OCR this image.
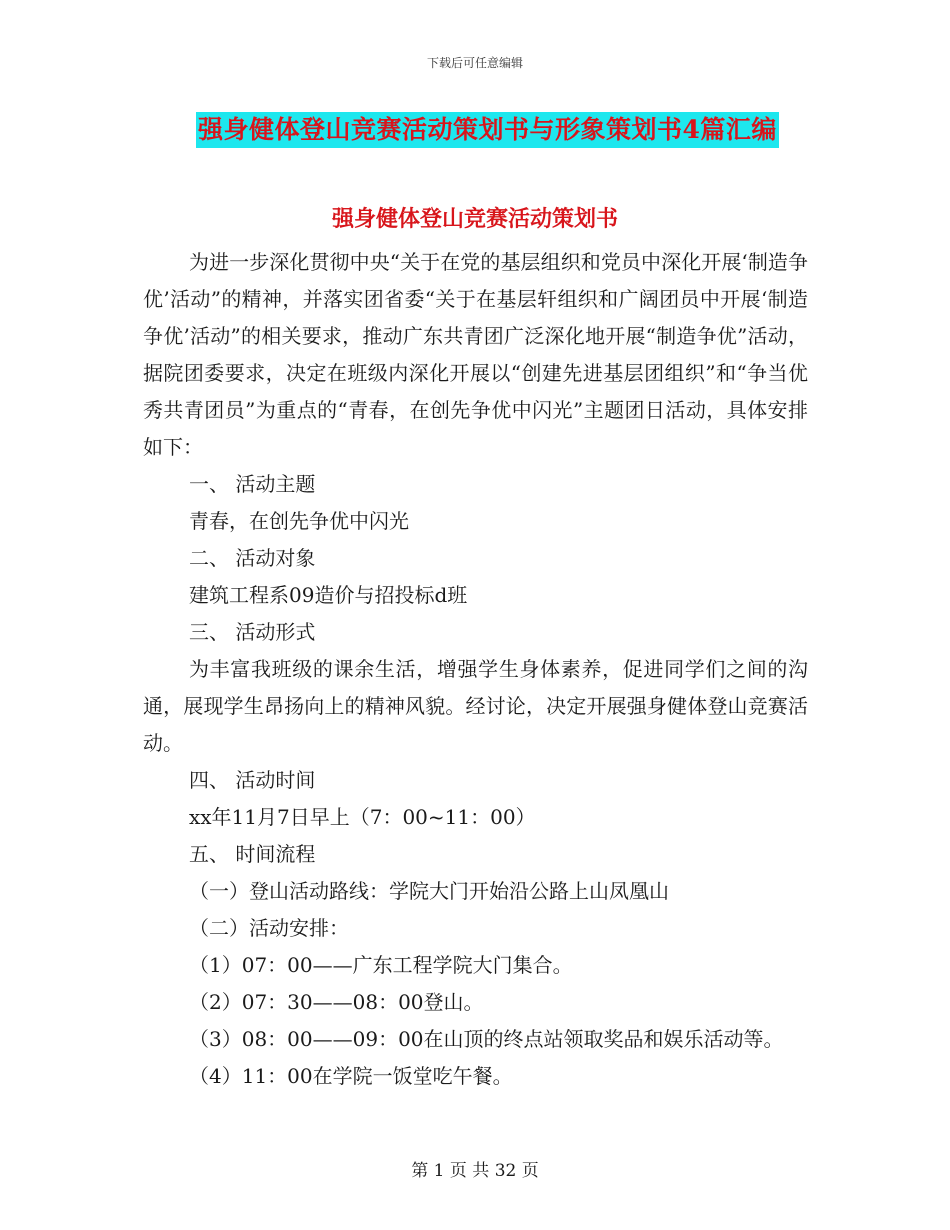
下载后可任意编辑
强身健体登山竞赛活动策划书与形象策划书4篇汇编
强身健体登山竞赛活动策划书

为进一步深化贯彻中央“关于在党的基层组织和党员中深化开展‘制造争优’活动”的精神，并落实团省委“关于在基层轩组织和广阔团员中开展‘制造争优’活动”的相关要求，推动广东共青团广泛深化地开展“制造争优”活动，据院团委要求，决定在班级内深化开展以“创建先进基层团组织”和“争当优秀共青团员”为重点的“青春，在创先争优中闪光”主题团日活动，具体安排如下：

一、 活动主题

青春，在创先争优中闪光

二、 活动对象

建筑工程系09造价与招投标d班

三、 活动形式

为丰富我班级的课余生活，增强学生身体素养，促进同学们之间的沟通，展现学生昂扬向上的精神风貌。经讨论，决定开展强身健体登山竞赛活动。

四、 活动时间

xx年11月7日早上（7：00~11：00）

五、 时间流程

（一）登山活动路线：学院大门开始沿公路上山凤凰山

（二）活动安排：

（1）07：00——广东工程学院大门集合。

（2）07：30——08：00登山。

（3）08：00——09：00在山顶的终点站领取奖品和娱乐活动等。

（4）11：00在学院一饭堂吃午餐。

第 1 页 共 32 页
